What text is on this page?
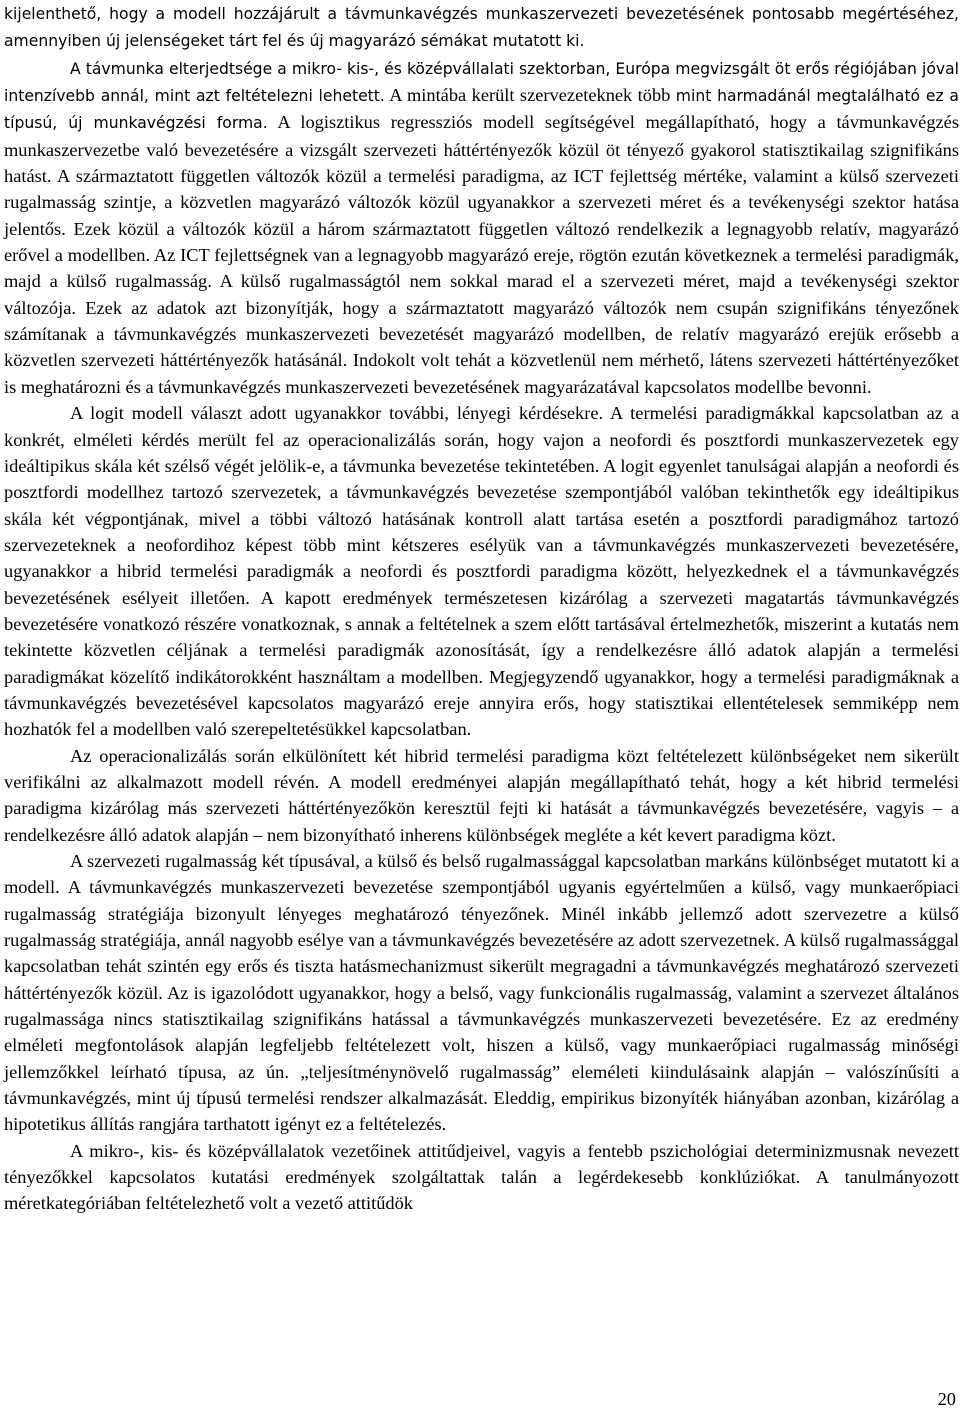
kijelenthető, hogy a modell hozzájárult a távmunkavégzés munkaszervezeti bevezetésének pontosabb megértéséhez, amennyiben új jelenségeket tárt fel és új magyarázó sémákat mutatott ki.

A távmunka elterjedtsége a mikro- kis-, és középvállalati szektorban, Európa megvizsgált öt erős régiójában jóval intenzívebb annál, mint azt feltételezni lehetett. A mintába került szervezeteknek több mint harmadánál megtalálható ez a típusú, új munkavégzési forma. A logisztikus regressziós modell segítségével megállapítható, hogy a távmunkavégzés munkaszervezetbe való bevezetésére a vizsgált szervezeti háttértényezők közül öt tényező gyakorol statisztikailag szignifikáns hatást. A származtatott független változók közül a termelési paradigma, az ICT fejlettség mértéke, valamint a külső szervezeti rugalmasság szintje, a közvetlen magyarázó változók közül ugyanakkor a szervezeti méret és a tevékenységi szektor hatása jelentős. Ezek közül a változók közül a három származtatott független változó rendelkezik a legnagyobb relatív, magyarázó erővel a modellben. Az ICT fejlettségnek van a legnagyobb magyarázó ereje, rögtön ezután következnek a termelési paradigmák, majd a külső rugalmasság. A külső rugalmasságtól nem sokkal marad el a szervezeti méret, majd a tevékenységi szektor változója. Ezek az adatok azt bizonyítják, hogy a származtatott magyarázó változók nem csupán szignifikáns tényezőnek számítanak a távmunkavégzés munkaszervezeti bevezetését magyarázó modellben, de relatív magyarázó erejük erősebb a közvetlen szervezeti háttértényezők hatásánál. Indokolt volt tehát a közvetlenül nem mérhető, látens szervezeti háttértényezőket is meghatározni és a távmunkavégzés munkaszervezeti bevezetésének magyarázatával kapcsolatos modellbe bevonni.

A logit modell választ adott ugyanakkor további, lényegi kérdésekre. A termelési paradigmákkal kapcsolatban az a konkrét, elméleti kérdés merült fel az operacionalizálás során, hogy vajon a neofordi és posztfordi munkaszervezetek egy ideáltipikus skála két szélső végét jelölik-e, a távmunka bevezetése tekintetében. A logit egyenlet tanulságai alapján a neofordi és posztfordi modellhez tartozó szervezetek, a távmunkavégzés bevezetése szempontjából valóban tekinthetők egy ideáltipikus skála két végpontjának, mivel a többi változó hatásának kontroll alatt tartása esetén a posztfordi paradigmához tartozó szervezeteknek a neofordihoz képest több mint kétszeres esélyük van a távmunkavégzés munkaszervezeti bevezetésére, ugyanakkor a hibrid termelési paradigmák a neofordi és posztfordi paradigma között, helyezkednek el a távmunkavégzés bevezetésének esélyeit illetően. A kapott eredmények természetesen kizárólag a szervezeti magatartás távmunkavégzés bevezetésére vonatkozó részére vonatkoznak, s annak a feltételnek a szem előtt tartásával értelmezhetők, miszerint a kutatás nem tekintette közvetlen céljának a termelési paradigmák azonosítását, így a rendelkezésre álló adatok alapján a termelési paradigmákat közelítő indikátorokként használtam a modellben. Megjegyzendő ugyanakkor, hogy a termelési paradigmáknak a távmunkavégzés bevezetésével kapcsolatos magyarázó ereje annyira erős, hogy statisztikai ellentételesek semmiképp nem hozhatók fel a modellben való szerepeltetésükkel kapcsolatban.

Az operacionalizálás során elkülönített két hibrid termelési paradigma közt feltételezett különbségeket nem sikerült verifikálni az alkalmazott modell révén. A modell eredményei alapján megállapítható tehát, hogy a két hibrid termelési paradigma kizárólag más szervezeti háttértényezőkön keresztül fejti ki hatását a távmunkavégzés bevezetésére, vagyis – a rendelkezésre álló adatok alapján – nem bizonyítható inherens különbségek megléte a két kevert paradigma közt.

A szervezeti rugalmasság két típusával, a külső és belső rugalmassággal kapcsolatban markáns különbséget mutatott ki a modell. A távmunkavégzés munkaszervezeti bevezetése szempontjából ugyanis egyértelműen a külső, vagy munkaerőpiaci rugalmasság stratégiája bizonyult lényeges meghatározó tényezőnek. Minél inkább jellemző adott szervezetre a külső rugalmasság stratégiája, annál nagyobb esélye van a távmunkavégzés bevezetésére az adott szervezetnek. A külső rugalmassággal kapcsolatban tehát szintén egy erős és tiszta hatásmechanizmust sikerült megragadni a távmunkavégzés meghatározó szervezeti háttértényezők közül. Az is igazolódott ugyanakkor, hogy a belső, vagy funkcionális rugalmasság, valamint a szervezet általános rugalmassága nincs statisztikailag szignifikáns hatással a távmunkavégzés munkaszervezeti bevezetésére. Ez az eredmény elméleti megfontolások alapján legfeljebb feltételezett volt, hiszen a külső, vagy munkaerőpiaci rugalmasság minőségi jellemzőkkel leírható típusa, az ún. „teljesítménynövelő rugalmasság” eleméleti kiindulásaink alapján – valószínűsíti a távmunkavégzés, mint új típusú termelési rendszer alkalmazását. Eleddig, empirikus bizonyíték hiányában azonban, kizárólag a hipotetikus állítás rangjára tarthatott igényt ez a feltételezés.

A mikro-, kis- és középvállalatok vezetőinek attitűdjeivel, vagyis a fentebb pszichológiai determinizmusnak nevezett tényezőkkel kapcsolatos kutatási eredmények szolgáltattak talán a legérdekesebb konklúziókat. A tanulmányozott méretkategóriában feltételezhető volt a vezető attitűdök

20
